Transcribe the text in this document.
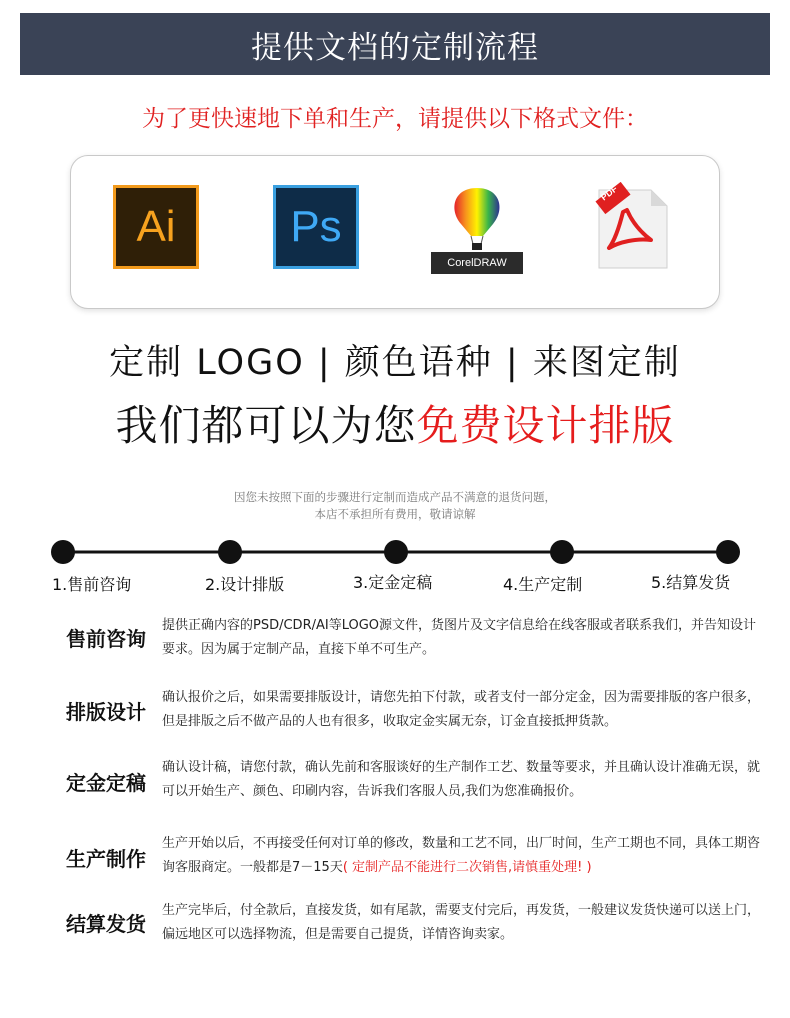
提供文档的定制流程
为了更快速地下单和生产，请提供以下格式文件：
Ai	Ps
CorelDRAW
PDF
定制 LOGO | 颜色语种 | 来图定制
我们都可以为您免费设计排版
因您未按照下面的步骤进行定制而造成产品不满意的退货问题，
本店不承担所有费用，敬请谅解
1.售前咨询	2.设计排版	3.定金定稿	4.生产定制	5.结算发货
售前咨询
提供正确内容的PSD/CDR/AI等LOGO源文件，货图片及文字信息给在线客服或者联系我们，并告知设计要求。因为属于定制产品，直接下单不可生产。
排版设计
确认报价之后，如果需要排版设计，请您先拍下付款，或者支付一部分定金，因为需要排版的客户很多，但是排版之后不做产品的人也有很多，收取定金实属无奈，订金直接抵押货款。
定金定稿
确认设计稿，请您付款，确认先前和客服谈好的生产制作工艺、数量等要求，并且确认设计准确无误，就可以开始生产、颜色、印刷内容，告诉我们客服人员,我们为您准确报价。
生产制作
生产开始以后，不再接受任何对订单的修改，数量和工艺不同，出厂时间，生产工期也不同，具体工期咨询客服商定。一般都是7－15天( 定制产品不能进行二次销售,请慎重处理! )
结算发货
生产完毕后，付全款后，直接发货，如有尾款，需要支付完后，再发货，一般建议发货快递可以送上门，偏远地区可以选择物流，但是需要自己提货，详情咨询卖家。
